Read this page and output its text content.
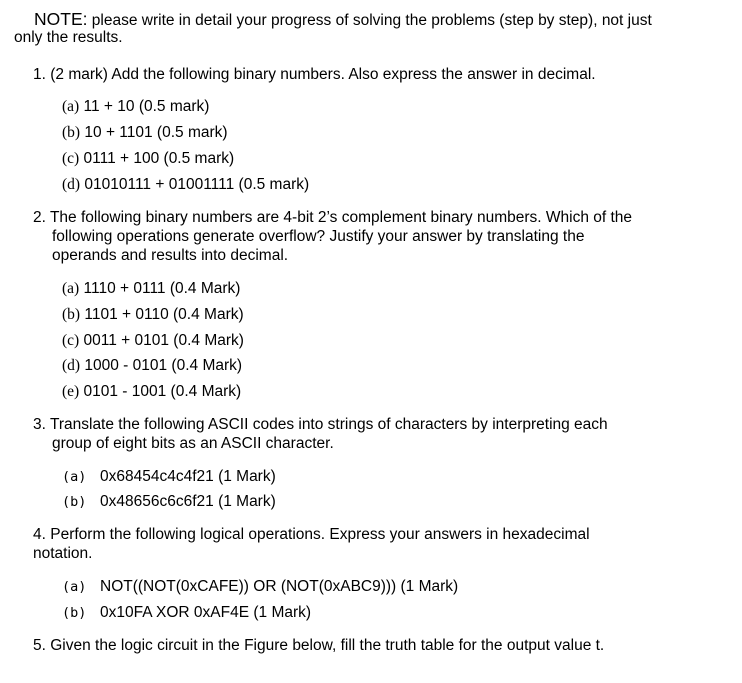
NOTE: please write in detail your progress of solving the problems (step by step), not just
only the results.
1. (2 mark) Add the following binary numbers. Also express the answer in decimal.
(a) 11 + 10 (0.5 mark)
(b) 10 + 1101 (0.5 mark)
(c) 0111 + 100 (0.5 mark)
(d) 01010111 + 01001111 (0.5 mark)
2. The following binary numbers are 4-bit 2’s complement binary numbers. Which of the
following operations generate overflow? Justify your answer by translating the
operands and results into decimal.
(a) 1110 + 0111 (0.4 Mark)
(b) 1101 + 0110 (0.4 Mark)
(c) 0011 + 0101 (0.4 Mark)
(d) 1000 - 0101 (0.4 Mark)
(e) 0101 - 1001 (0.4 Mark)
3. Translate the following ASCII codes into strings of characters by interpreting each
group of eight bits as an ASCII character.
(a) 0x68454c4c4f21 (1 Mark)
(b) 0x48656c6c6f21 (1 Mark)
4. Perform the following logical operations. Express your answers in hexadecimal
notation.
(a) NOT((NOT(0xCAFE)) OR (NOT(0xABC9))) (1 Mark)
(b) 0x10FA XOR 0xAF4E (1 Mark)
5. Given the logic circuit in the Figure below, fill the truth table for the output value t.
